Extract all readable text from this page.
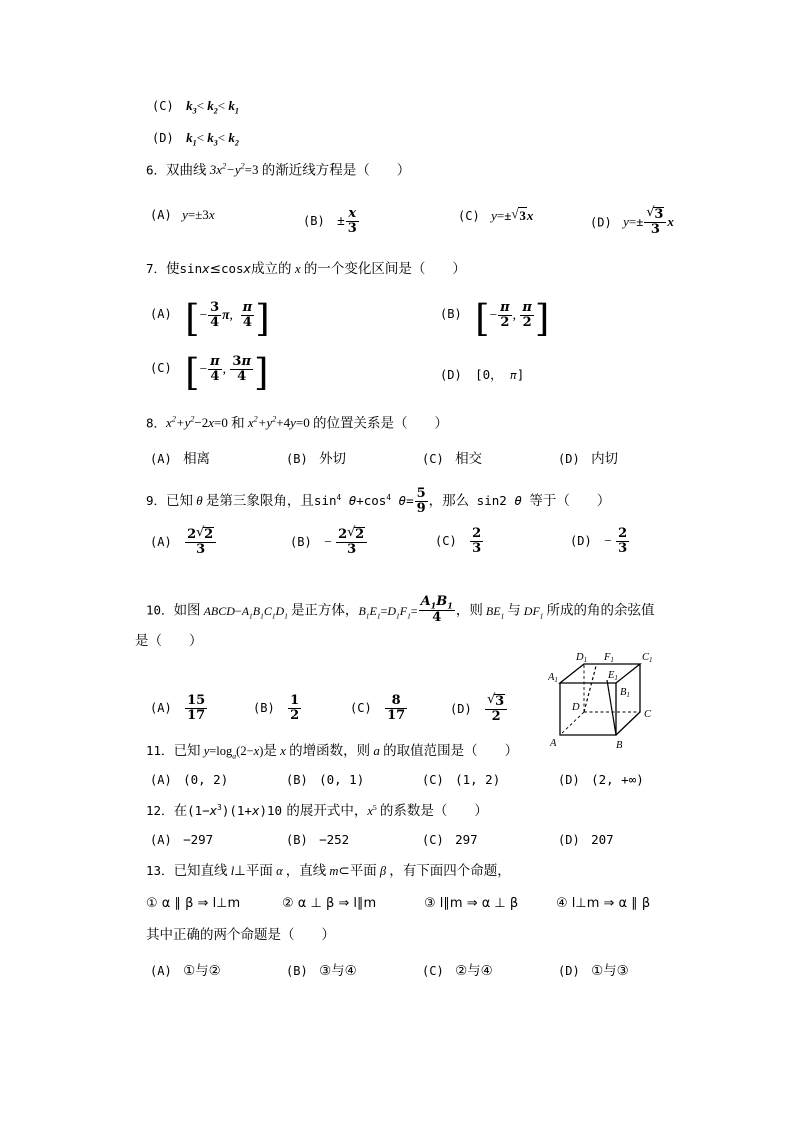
(C) $k_3< k_2< k_1$
(D) $k_1< k_3< k_2$
6．双曲线 $3x^2-y^2=3$ 的渐近线方程是（　　）
(A) y=±3x	$(B) \pm \frac{x}{3}$	(C) y=± √ 3x	(D) y=± √ $\frac{3}{3}$ x
7．使sinx≤cosx成立的 x 的一个变化区间是（　　）
(A) [− $\frac{3}{4} \pi$, $\frac{\pi}{4}$ ]	(B) [− $\frac{\pi}{2}$ , $\frac{\pi}{2}$ ]
(C) [− $\frac{\pi}{4}$ , $\frac{3\pi}{4}$ ]	(D) [0， π]
8．$x^2+y^2-2x=0$ 和 $x^2+y^2+4y=0$ 的位置关系是（　　）
(A) 相离	(B) 外切	(C) 相交	(D) 内切
9．已知 θ 是第三象限角，且$\sin^4 \theta+\cos^4$ $\theta= \frac{5}{9}$ ，那么 sin2 θ 等于（　　）
$(A) \frac{2 √ 2}{3}$	$(B) - \frac{2 √ 2}{3}$	$(C) \frac{2}{3}$	$(D) - \frac{2}{3}$
10．如图 $ABCD-A_1B_1C_1D_1$ 是正方体，$B_1E_1=D_1F_1= \frac{A_1B_1}{4}$ ，则 $BE_1$ 与 $DF_1$ 所成的角的余弦值
是（　　）
D1 F1	C1
A1	E1
B1
D
C
A	B
$(A) \frac{15}{17}$	$(B) \frac{1}{2}$	$(C) \frac{8}{17}$	(D) √ $\frac{3}{2}$
11．已知 $y=\log_a(2-x)$是 x 的增函数，则 a 的取值范围是（　　）
(A) (0, 2)	(B) (0, 1)	(C) (1, 2)	(D) (2, +∞)
12．在$(1-x^3)(1+x)10$ 的展开式中，$x^5$ 的系数是（　　）
(A) −297	(B) −252	(C) 297	(D) 207
13．已知直线 l⊥平面 α ，直线 m⊂平面 β ，有下面四个命题，
① α ∥ β ⇒ l⊥m	② α ⊥ β ⇒ l∥m	③ l∥m ⇒ α ⊥ β	④ l⊥m ⇒ α ∥ β
其中正确的两个命题是（　　）
(A) ①与②	(B) ③与④	(C) ②与④	(D) ①与③
